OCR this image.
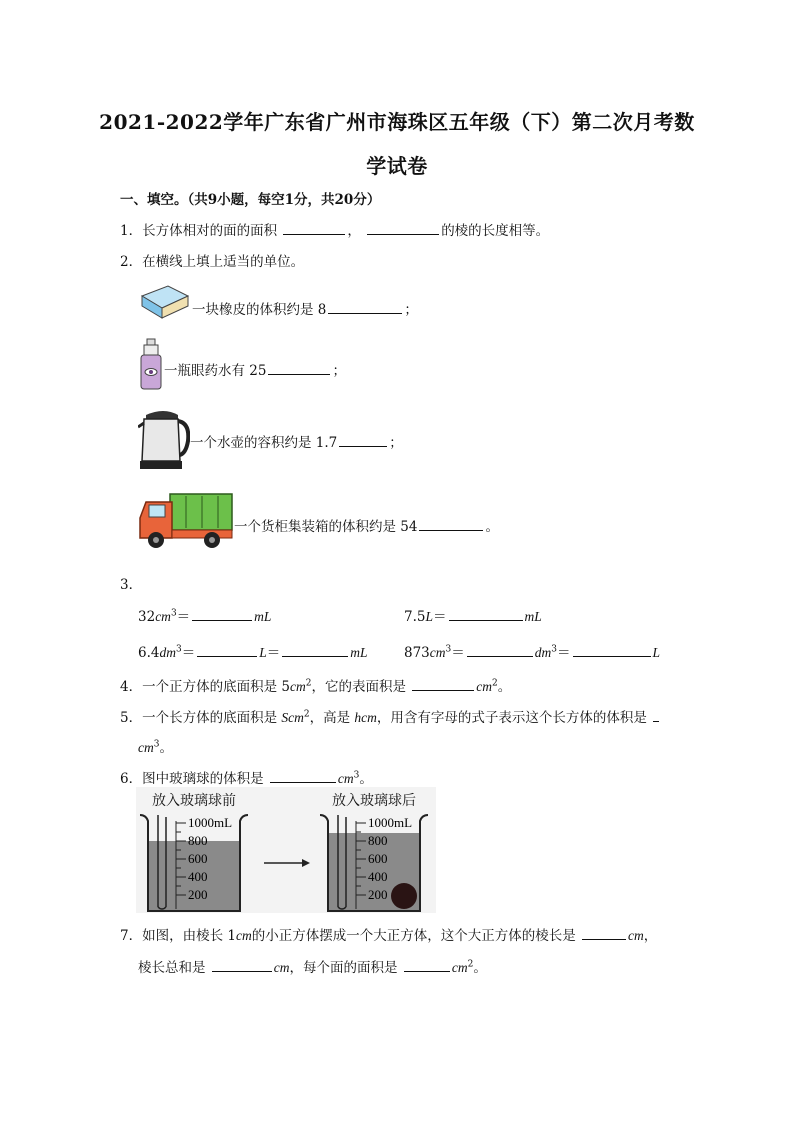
2021-2022学年广东省广州市海珠区五年级（下）第二次月考数
学试卷
一、填空。（共9小题，每空1分，共20分）
1．长方体相对的面的面积	，	的棱的长度相等。
2．在横线上填上适当的单位。
一块橡皮的体积约是 8	；
一瓶眼药水有 25	；
一个水壶的容积约是 1.7	；
一个货柜集装箱的体积约是 54	。
3．
$32cm^3=$	mL	7.5L＝	mL
$6.4dm^3=$	L＝	mL	$873cm^3=$	$dm^3=$	L
4．一个正方体的底面积是 $5cm^2$，它的表面积是	$cm^2$。
5．一个长方体的底面积是 Scm$^2$，高是 hcm，用含有字母的式子表示这个长方体的体积是
$cm^3$。
6．图中玻璃球的体积是	$cm^3$。
放入玻璃球前	放入玻璃球后
1000mL
800
600
400
200
1000mL
800
600
400
200
7．如图，由棱长 1cm的小正方体摆成一个大正方体，这个大正方体的棱长是	cm，
棱长总和是	cm，每个面的面积是	$cm^2$。
